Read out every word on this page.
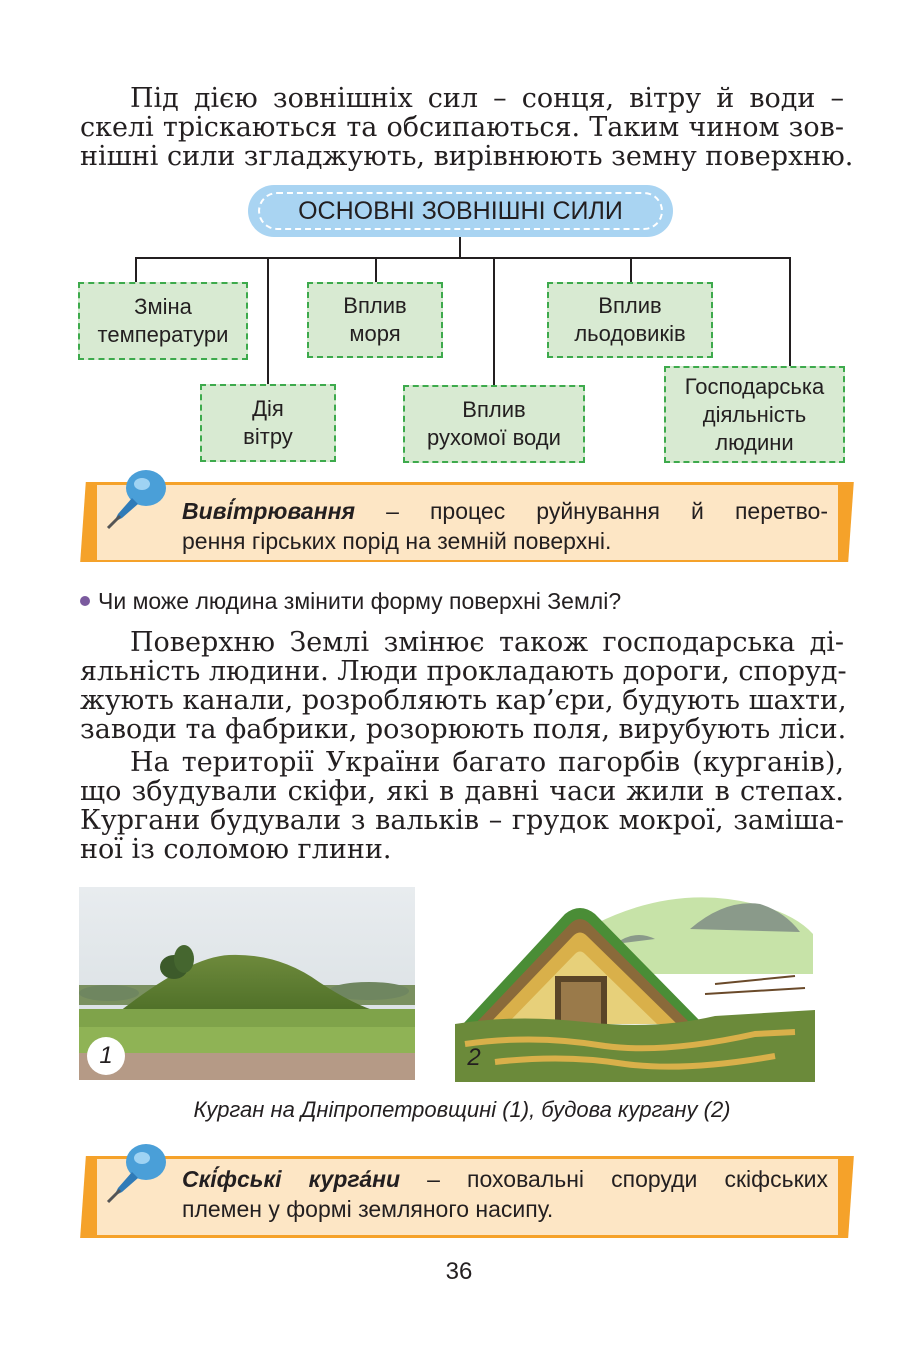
Під дією зовнішніх сил – сонця, вітру й води –
скелі тріскаються та обсипаються. Таким чином зов-
нішні сили згладжують, вирівнюють земну поверхню.
ОСНОВНІ ЗОВНІШНІ СИЛИ
Зміна
температури
Дія
вітру
Вплив
моря
Вплив
рухомої води
Вплив
льодовиків
Господарська
діяльність
людини
Виві́трювання – процес руйнування й перетво-
рення гірських порід на земній поверхні.
Чи може людина змінити форму поверхні Землі?
Поверхню Землі змінює також господарська ді-
яльність людини. Люди прокладають дороги, споруд-
жують канали, розробляють кар’єри, будують шахти,
заводи та фабрики, розорюють поля, вирубують ліси.
На території України багато пагорбів (курганів),
що збудували скіфи, які в давні часи жили в степах.
Кургани будували з вальків – грудок мокрої, заміша-
ної із соломою глини.
1	2
Курган на Дніпропетровщині (1), будова кургану (2)
Скі́фські курга́ни – поховальні споруди скіфських
племен у формі земляного насипу.
36
